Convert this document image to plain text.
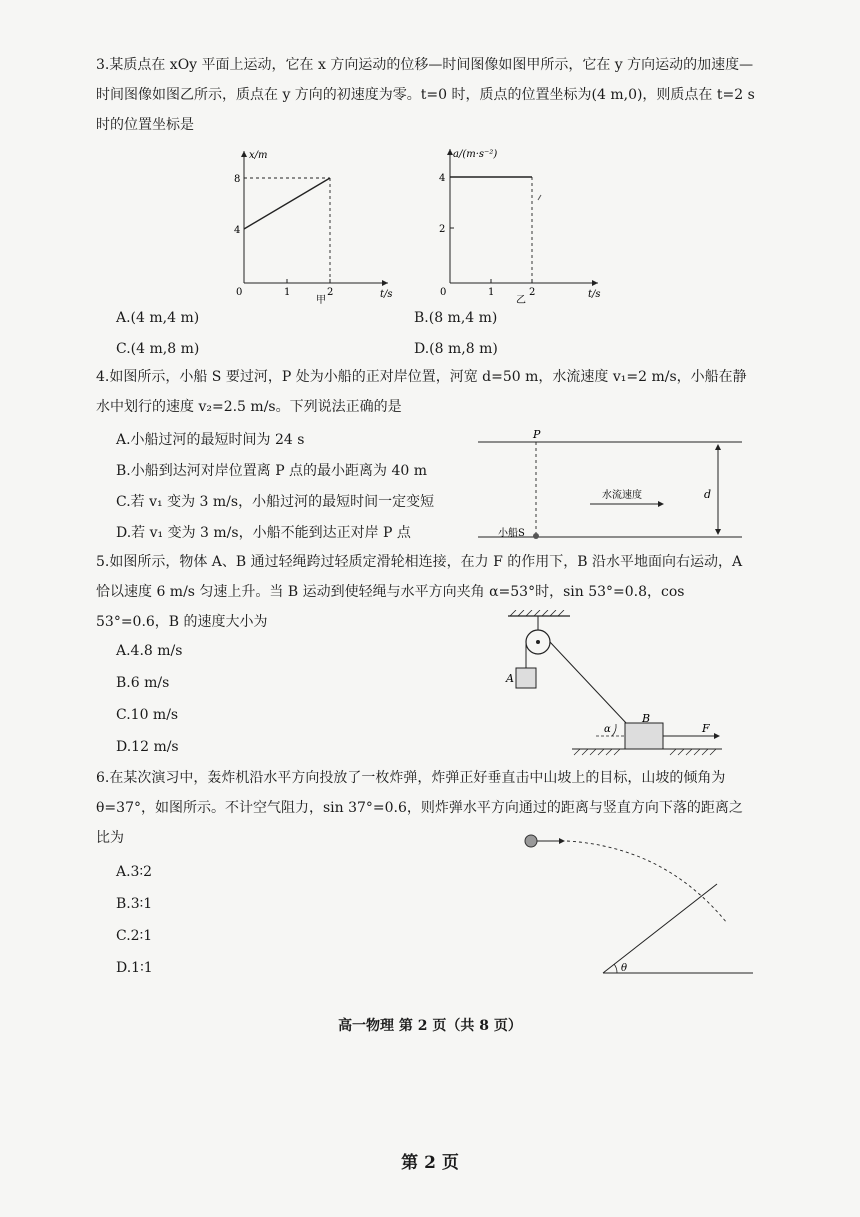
3.某质点在 xOy 平面上运动，它在 x 方向运动的位移—时间图像如图甲所示，它在 y 方向运动的加速度—时间图像如图乙所示，质点在 y 方向的初速度为零。t=0 时，质点的位置坐标为(4 m,0)，则质点在 t=2 s 时的位置坐标是

x/m
t/s
4
8
0	1	2
甲
a/(m·s⁻²)
t/s
2
4
0	1	2
乙
A.(4 m,4 m)	B.(8 m,4 m)
C.(4 m,8 m)	D.(8 m,8 m)

4.如图所示，小船 S 要过河，P 处为小船的正对岸位置，河宽 d=50 m，水流速度 v₁=2 m/s，小船在静水中划行的速度 v₂=2.5 m/s。下列说法正确的是

A.小船过河的最短时间为 24 s
B.小船到达河对岸位置离 P 点的最小距离为 40 m
C.若 v₁ 变为 3 m/s，小船过河的最短时间一定变短
D.若 v₁ 变为 3 m/s，小船不能到达正对岸 P 点
P
d
水流速度
小船S

5.如图所示，物体 A、B 通过轻绳跨过轻质定滑轮相连接，在力 F 的作用下，B 沿水平地面向右运动，A 恰以速度 6 m/s 匀速上升。当 B 运动到使轻绳与水平方向夹角 α=53°时，sin 53°=0.8，cos 53°=0.6，B 的速度大小为

A.4.8 m/s
B.6 m/s
C.10 m/s
D.12 m/s
A
B
F
α

6.在某次演习中，轰炸机沿水平方向投放了一枚炸弹，炸弹正好垂直击中山坡上的目标，山坡的倾角为 θ=37°，如图所示。不计空气阻力，sin 37°=0.6，则炸弹水平方向通过的距离与竖直方向下落的距离之比为

A.3∶2
B.3∶1
C.2∶1
D.1∶1	θ
高一物理 第 2 页（共 8 页）
第 2 页
